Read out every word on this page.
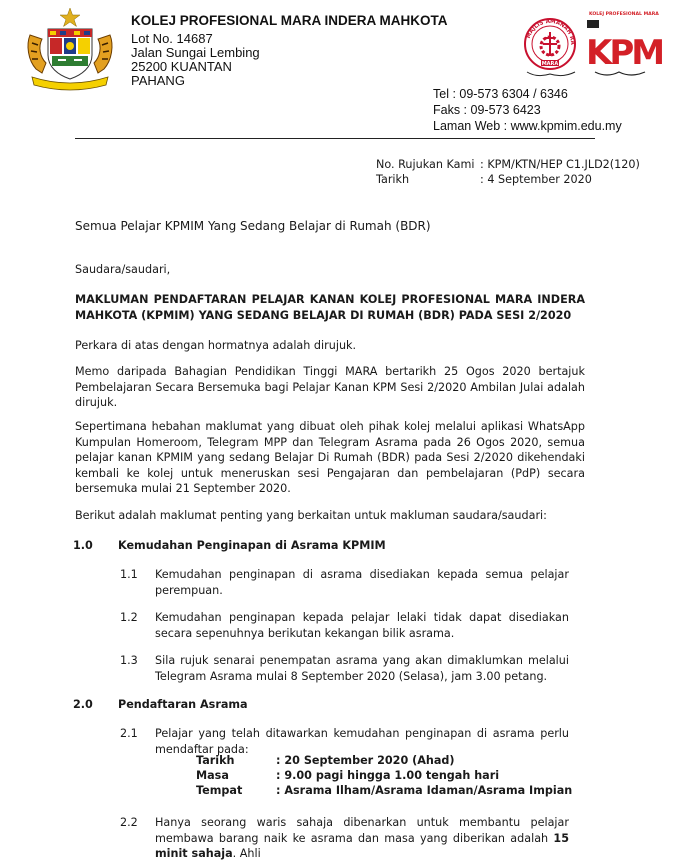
KOLEJ PROFESIONAL MARA INDERA MAHKOTA
Lot No. 14687
Jalan Sungai Lembing
25200 KUANTAN
PAHANG
MAJLIS AMANAH RA
MARA
KOLEJ PROFESIONAL MARA
KPM
Tel : 09-573 6304 / 6346
Faks : 09-573 6423
Laman Web : www.kpmim.edu.my
No. Rujukan Kami : KPM/KTN/HEP C1.JLD2(120)
Tarikh	: 4 September 2020
Semua Pelajar KPMIM Yang Sedang Belajar di Rumah (BDR)
Saudara/saudari,
MAKLUMAN PENDAFTARAN PELAJAR KANAN KOLEJ PROFESIONAL MARA INDERA MAHKOTA (KPMIM) YANG SEDANG BELAJAR DI RUMAH (BDR) PADA SESI 2/2020
Perkara di atas dengan hormatnya adalah dirujuk.
Memo daripada Bahagian Pendidikan Tinggi MARA bertarikh 25 Ogos 2020 bertajuk Pembelajaran Secara Bersemuka bagi Pelajar Kanan KPM Sesi 2/2020 Ambilan Julai adalah dirujuk.
Sepertimana hebahan maklumat yang dibuat oleh pihak kolej melalui aplikasi WhatsApp Kumpulan Homeroom, Telegram MPP dan Telegram Asrama pada 26 Ogos 2020, semua pelajar kanan KPMIM yang sedang Belajar Di Rumah (BDR) pada Sesi 2/2020 dikehendaki kembali ke kolej untuk meneruskan sesi Pengajaran dan pembelajaran (PdP) secara bersemuka mulai 21 September 2020.
Berikut adalah maklumat penting yang berkaitan untuk makluman saudara/saudari:
1.0 Kemudahan Penginapan di Asrama KPMIM
1.1 Kemudahan penginapan di asrama disediakan kepada semua pelajar perempuan.
1.2 Kemudahan penginapan kepada pelajar lelaki tidak dapat disediakan secara sepenuhnya berikutan kekangan bilik asrama.
1.3 Sila rujuk senarai penempatan asrama yang akan dimaklumkan melalui Telegram Asrama mulai 8 September 2020 (Selasa), jam 3.00 petang.
2.0 Pendaftaran Asrama
2.1 Pelajar yang telah ditawarkan kemudahan penginapan di asrama perlu mendaftar pada:
Tarikh	: 20 September 2020 (Ahad)
Masa	: 9.00 pagi hingga 1.00 tengah hari
Tempat	: Asrama Ilham/Asrama Idaman/Asrama Impian
2.2 Hanya seorang waris sahaja dibenarkan untuk membantu pelajar membawa barang naik ke asrama dan masa yang diberikan adalah 15 minit sahaja. Ahli
